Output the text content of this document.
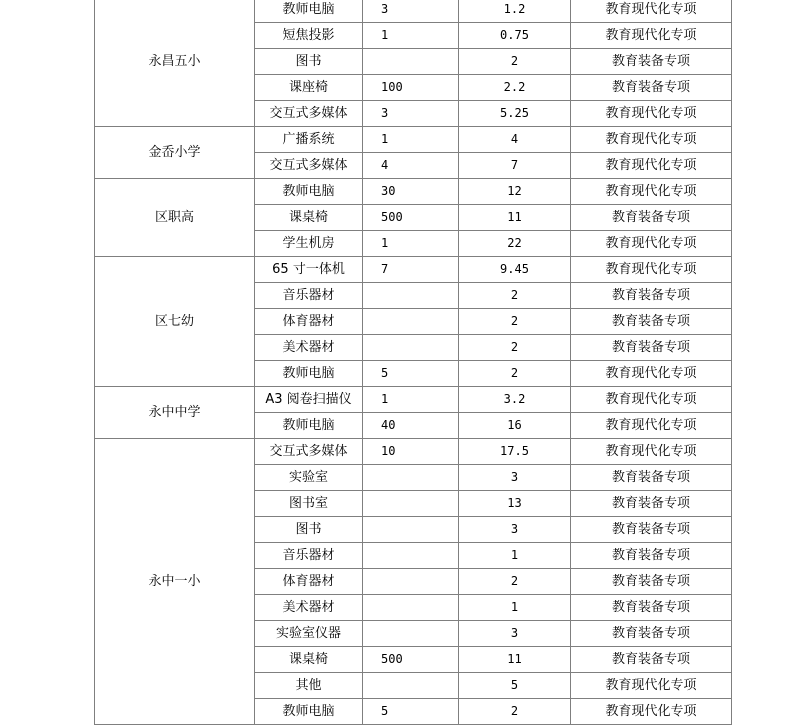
永昌五小	教师电脑	3	1.2	教育现代化专项
	短焦投影	1	0.75	教育现代化专项
	图书		2	教育装备专项
	课座椅	100	2.2	教育装备专项
	交互式多媒体	3	5.25	教育现代化专项
金岙小学	广播系统	1	4	教育现代化专项
	交互式多媒体	4	7	教育现代化专项
区职高	教师电脑	30	12	教育现代化专项
	课桌椅	500	11	教育装备专项
	学生机房	1	22	教育现代化专项
区七幼	65 寸一体机	7	9.45	教育现代化专项
	音乐器材		2	教育装备专项
	体育器材		2	教育装备专项
	美术器材		2	教育装备专项
	教师电脑	5	2	教育现代化专项
永中中学	A3 阅卷扫描仪	1	3.2	教育现代化专项
	教师电脑	40	16	教育现代化专项
永中一小	交互式多媒体	10	17.5	教育现代化专项
	实验室		3	教育装备专项
	图书室		13	教育装备专项
	图书		3	教育装备专项
	音乐器材		1	教育装备专项
	体育器材		2	教育装备专项
	美术器材		1	教育装备专项
	实验室仪器		3	教育装备专项
	课桌椅	500	11	教育装备专项
	其他		5	教育现代化专项
	教师电脑	5	2	教育现代化专项
